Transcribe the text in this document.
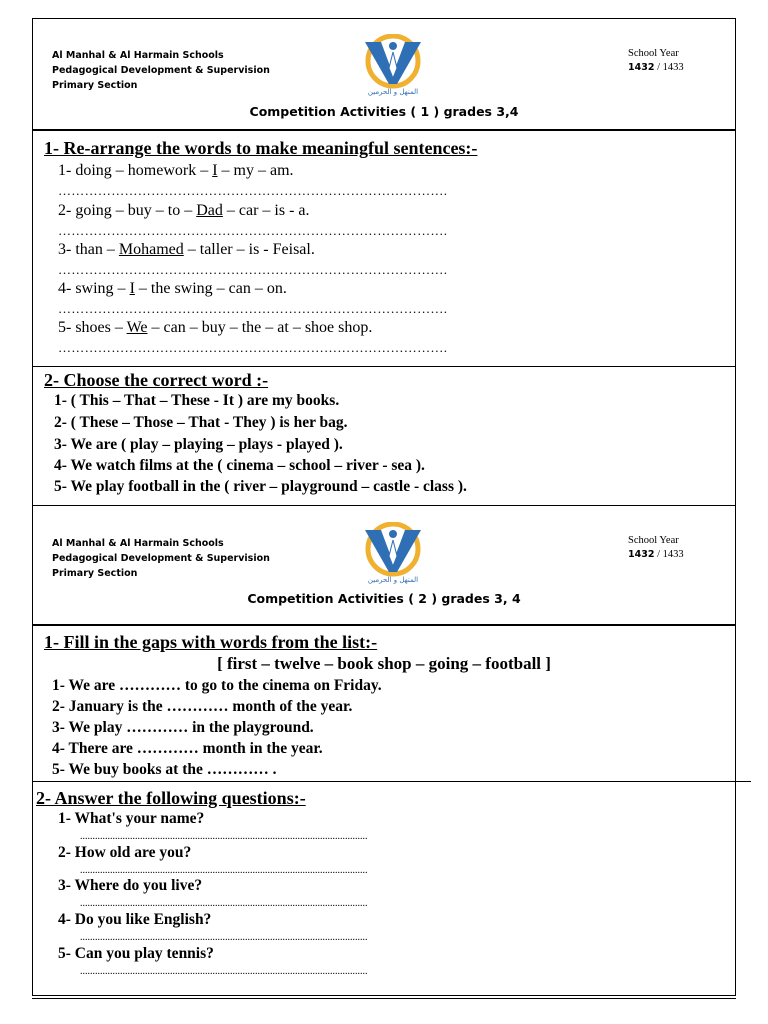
Al Manhal & Al Harmain Schools
Pedagogical Development & Supervision
Primary Section
المنهل و الحرمين
School Year
1432 / 1433
Competition Activities ( 1 ) grades 3,4
1- Re-arrange the words to make meaningful sentences:-
1- doing – homework – I – my – am.
…………………………………………………………………………….
2- going – buy – to – Dad – car – is - a.
…………………………………………………………………………….
3- than – Mohamed – taller – is - Feisal.
…………………………………………………………………………….
4- swing – I – the swing – can – on.
…………………………………………………………………………….
5- shoes – We – can – buy – the – at – shoe shop.
…………………………………………………………………………….
2- Choose the correct word :-
1- ( This – That – These - It ) are my books.
2- ( These – Those – That - They ) is her bag.
3- We are ( play – playing – plays - played ).
4- We watch films at the ( cinema – school – river - sea ).
5- We play football in the ( river – playground – castle - class ).
Al Manhal & Al Harmain Schools
Pedagogical Development & Supervision
Primary Section
المنهل و الحرمين
School Year
1432 / 1433
Competition Activities ( 2 ) grades 3, 4
1- Fill in the gaps with words from the list:-
[ first – twelve – book shop – going – football ]
1- We are ………… to go to the cinema on Friday.
2- January is the ………… month of the year.
3- We play ………… in the playground.
4- There are ………… month in the year.
5- We buy books at the ………… .
2- Answer the following questions:-
1- What's your name?
...................................................................................................................
2- How old are you?
...................................................................................................................
3- Where do you live?
...................................................................................................................
4- Do you like English?
...................................................................................................................
5- Can you play tennis?
...................................................................................................................
